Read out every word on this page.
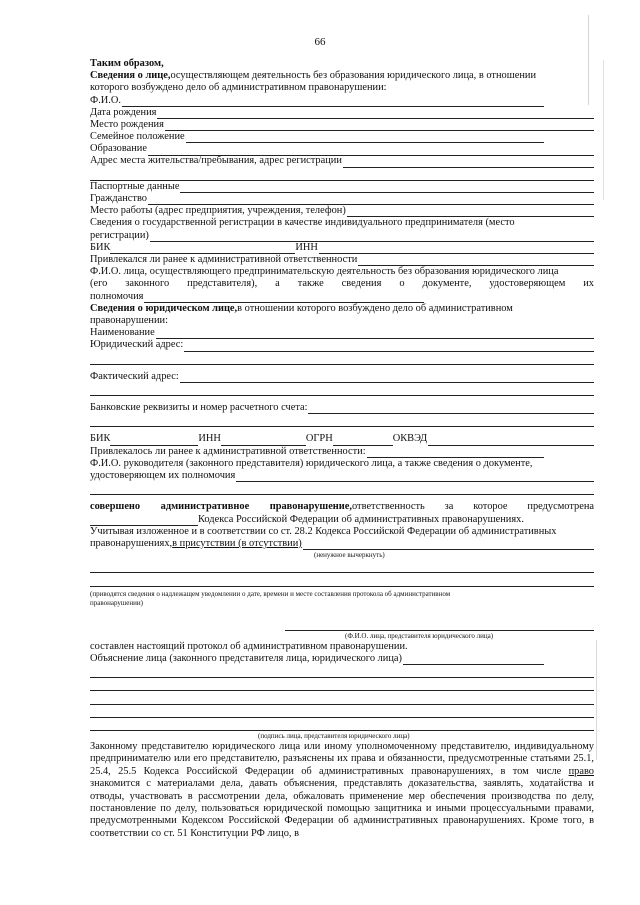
66
Таким образом,
Сведения о лице, осуществляющем деятельность без образования юридического лица, в отношении
которого возбуждено дело об административном правонарушении:
Ф.И.О.
Дата рождения
Место рождения
Семейное положение
Образование
Адрес места жительства/пребывания, адрес регистрации
Паспортные данные
Гражданство
Место работы (адрес предприятия, учреждения, телефон)
Сведения о государственной регистрации в качестве индивидуального предпринимателя (место
регистрации)
БИК	ИНН
Привлекался ли ранее к административной ответственности
Ф.И.О. лица, осуществляющего предпринимательскую деятельность без образования юридического лица
(его законного представителя), а также сведения о документе, удостоверяющем их
полномочия
Сведения о юридическом лице, в отношении которого возбуждено дело об административном
правонарушении:
Наименование
Юридический адрес:
Фактический адрес:
Банковские реквизиты и номер расчетного счета:
БИК	ИНН	ОГРН	ОКВЭД
Привлекалось ли ранее к административной ответственности:
Ф.И.О. руководителя (законного представителя) юридического лица, а также сведения о документе,
удостоверяющем их полномочия
совершено административное правонарушение, ответственность за которое предусмотрена
Кодекса Российской Федерации об административных правонарушениях.
Учитывая изложенное и в соответствии со ст. 28.2 Кодекса Российской Федерации об административных
правонарушениях, в присутствии (в отсутствии)
(ненужное вычеркнуть)
(приводятся сведения о надлежащем уведомлении о дате, времени и месте составления протокола об административном
правонарушении)
(Ф.И.О. лица, представителя юридического лица)
составлен настоящий протокол об административном правонарушении.
Объяснение лица (законного представителя лица, юридического лица)
(подпись лица, представителя юридического лица)
Законному представителю юридического лица или иному уполномоченному представителю, индивидуальному предпринимателю или его представителю, разъяснены их права и обязанности, предусмотренные статьями 25.1, 25.4, 25.5 Кодекса Российской Федерации об административных правонарушениях, в том числе право знакомится с материалами дела, давать объяснения, представлять доказательства, заявлять, ходатайства и отводы, участвовать в рассмотрении дела, обжаловать применение мер обеспечения производства по делу, постановление по делу, пользоваться юридической помощью защитника и иными процессуальными правами, предусмотренными Кодексом Российской Федерации об административных правонарушениях. Кроме того, в соответствии со ст. 51 Конституции РФ лицо, в
